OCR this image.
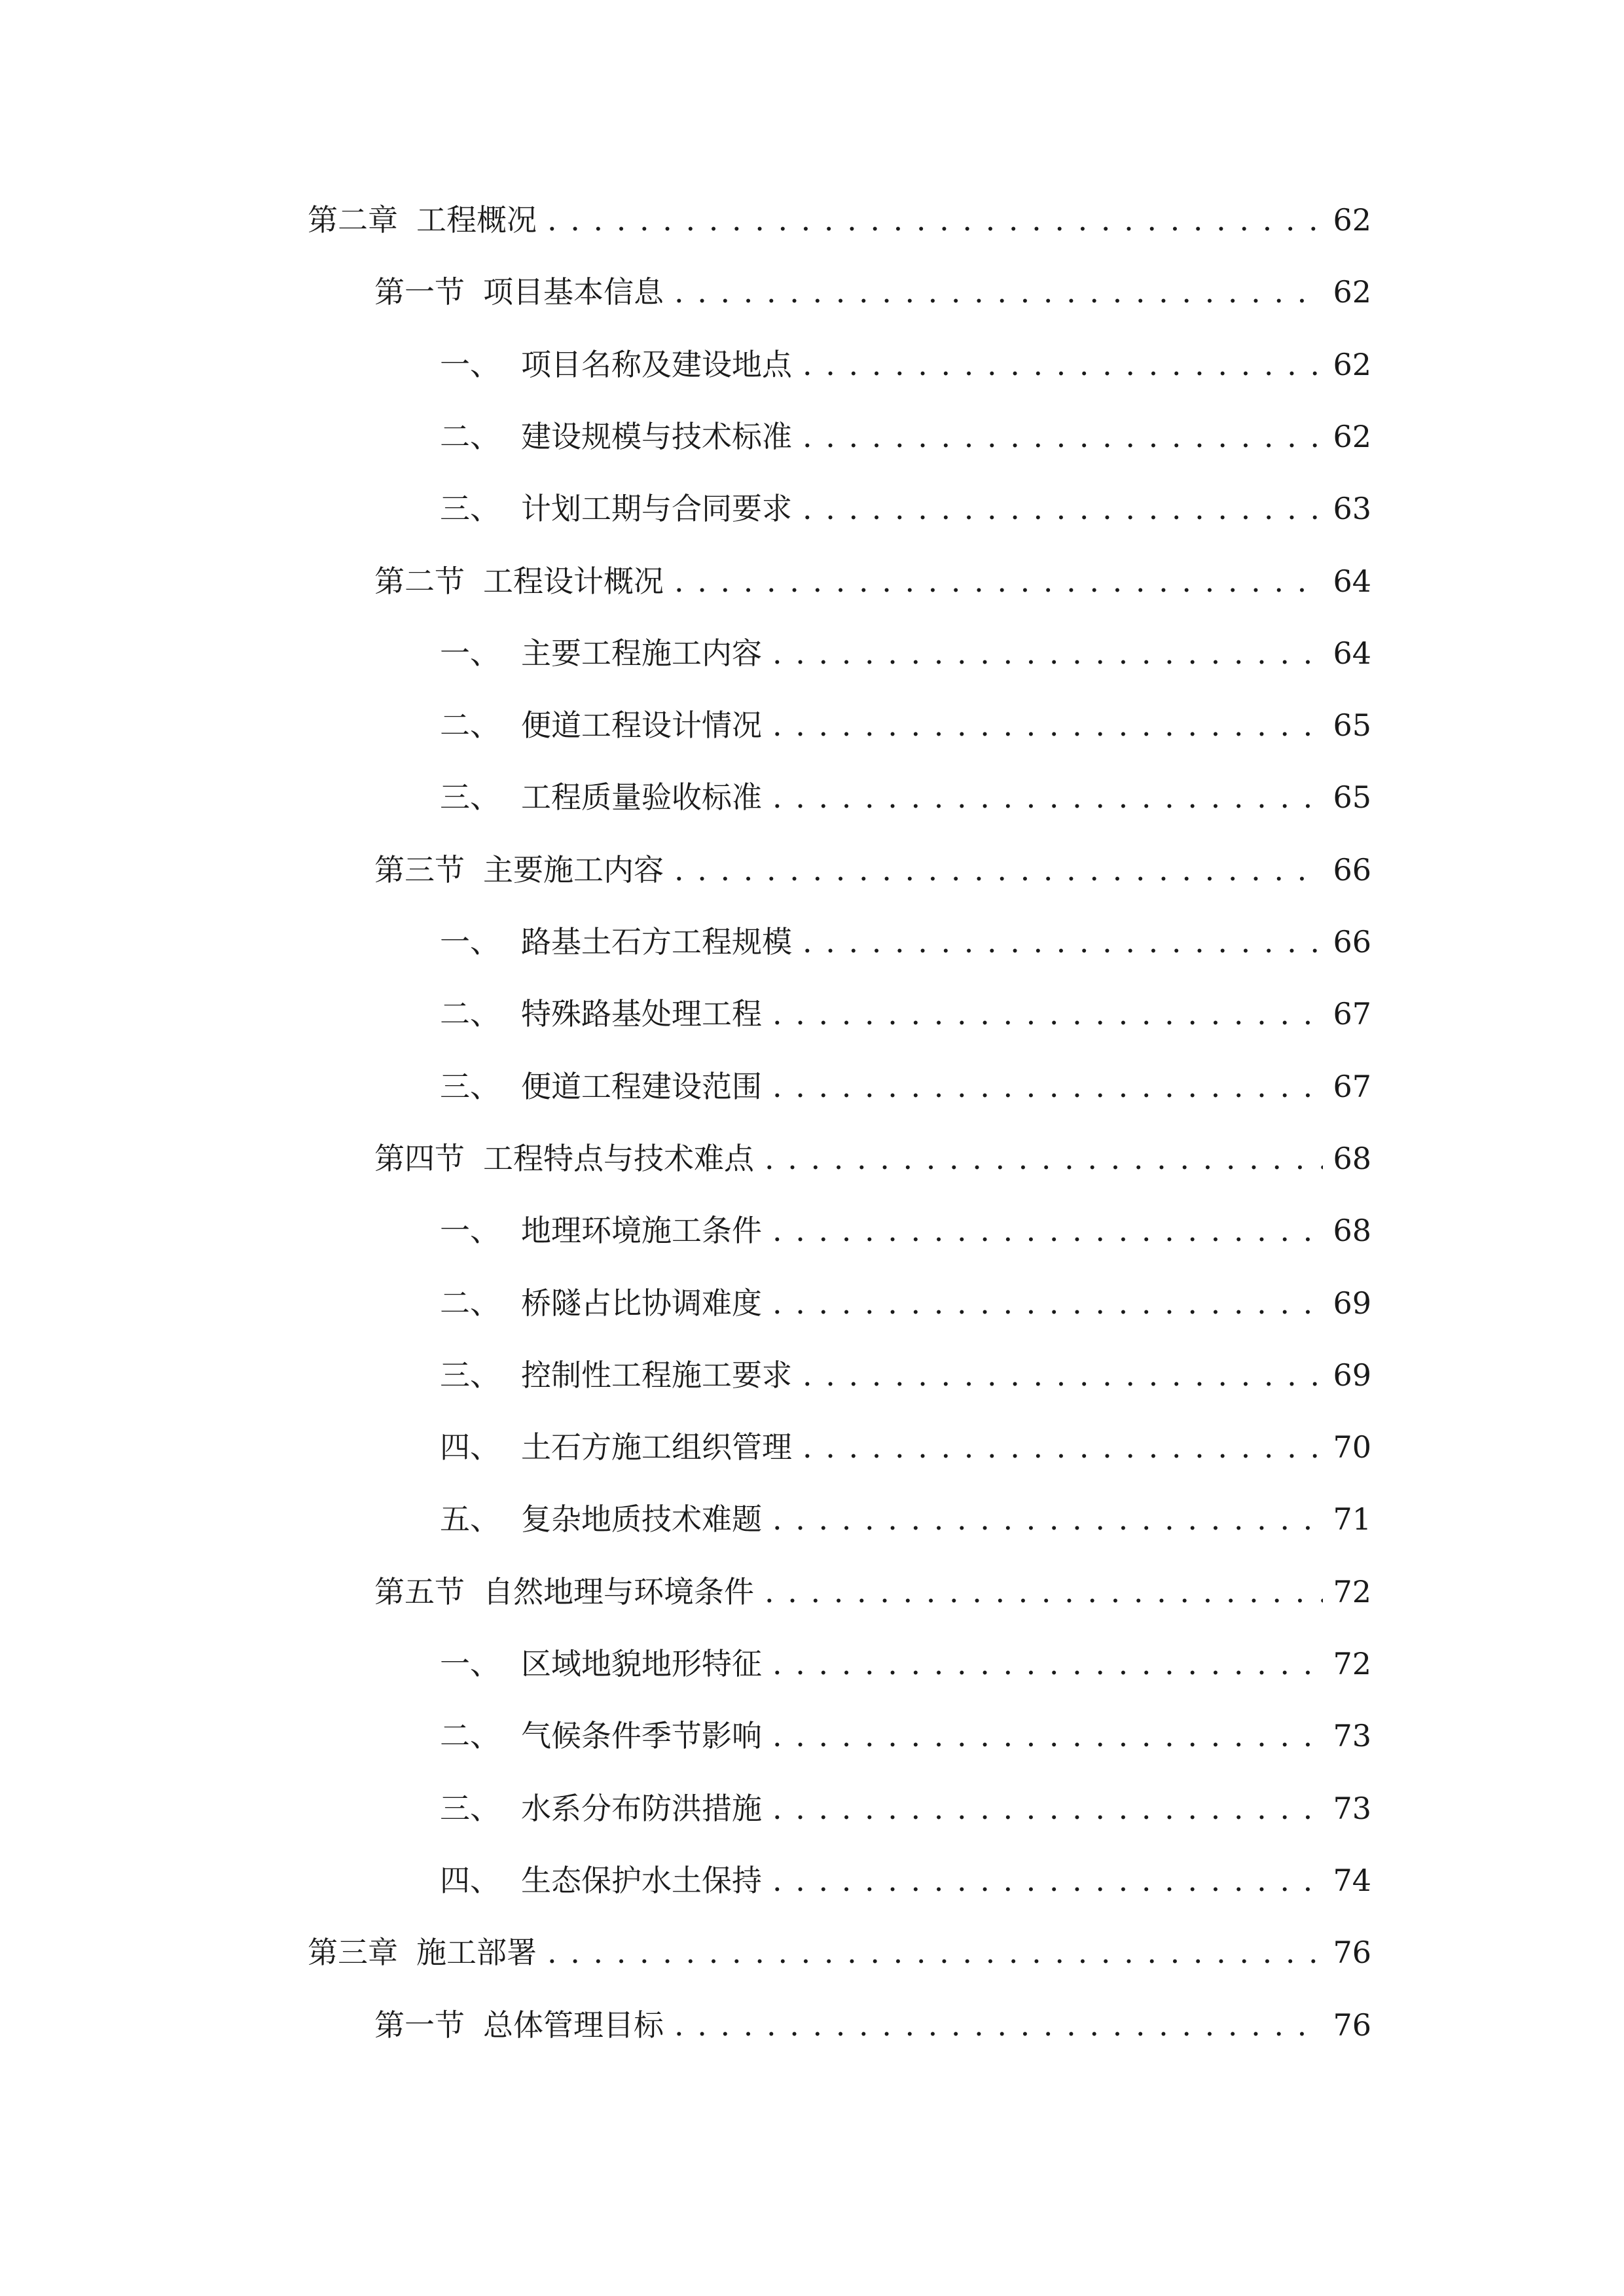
第二章 工程概况 . . .	62
第一节 项目基本信息 . . .	62
一、 项目名称及建设地点 . . .	62
二、 建设规模与技术标准 . . .	62
三、 计划工期与合同要求 . . .	63
第二节 工程设计概况 . . .	64
一、 主要工程施工内容 . . .	64
二、 便道工程设计情况 . . .	65
三、 工程质量验收标准 . . .	65
第三节 主要施工内容 . . .	66
一、 路基土石方工程规模 . . .	66
二、 特殊路基处理工程 . . .	67
三、 便道工程建设范围 . . .	67
第四节 工程特点与技术难点 . . .	68
一、 地理环境施工条件 . . .	68
二、 桥隧占比协调难度 . . .	69
三、 控制性工程施工要求 . . .	69
四、 土石方施工组织管理 . . .	70
五、 复杂地质技术难题 . . .	71
第五节 自然地理与环境条件 . . .	72
一、 区域地貌地形特征 . . .	72
二、 气候条件季节影响 . . .	73
三、 水系分布防洪措施 . . .	73
四、 生态保护水土保持 . . .	74
第三章 施工部署 . . .	76
第一节 总体管理目标 . . .	76
